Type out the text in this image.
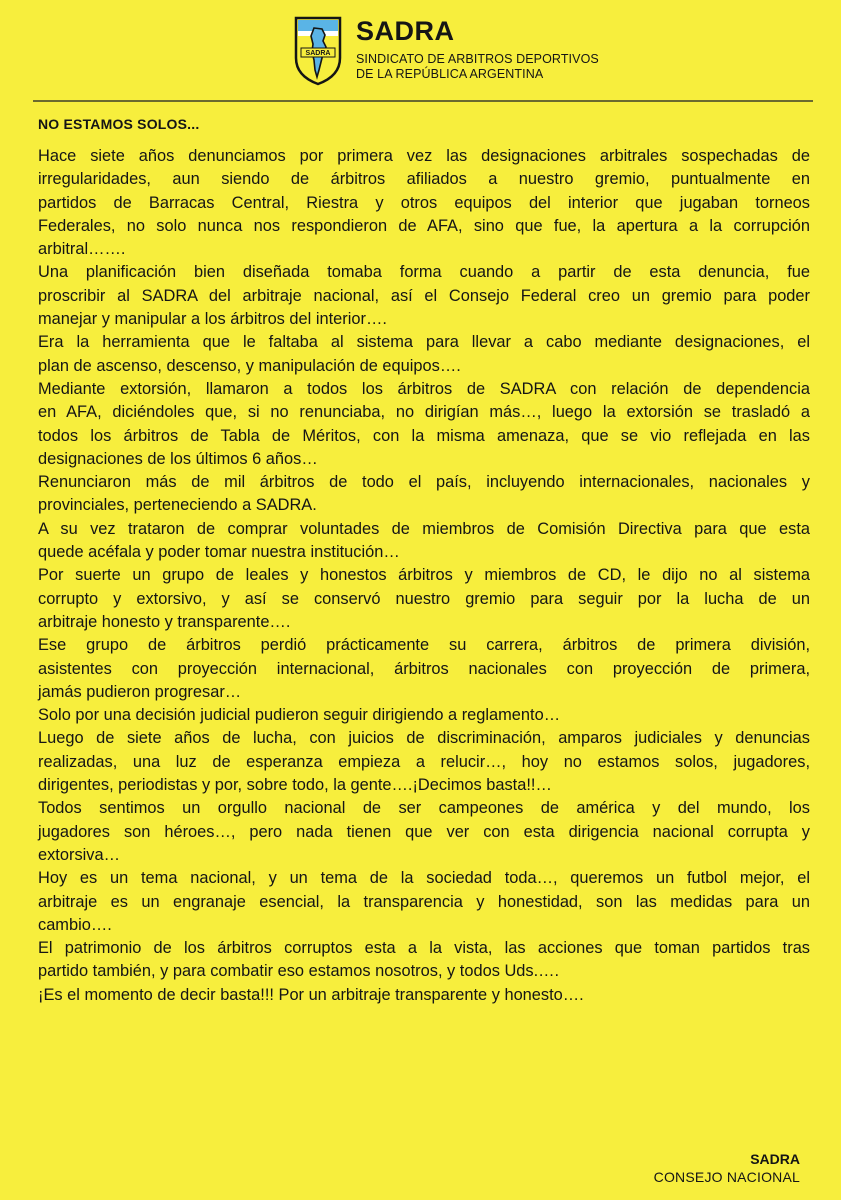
SADRA
SADRA
SINDICATO DE ARBITROS DEPORTIVOS
DE LA REPÚBLICA ARGENTINA
NO ESTAMOS SOLOS...
Hace siete años denunciamos por primera vez las designaciones arbitrales sospechadas de
irregularidades, aun siendo de árbitros afiliados a nuestro gremio, puntualmente en
partidos de Barracas Central, Riestra y otros equipos del interior que jugaban torneos
Federales, no solo nunca nos respondieron de AFA, sino que fue, la apertura a la corrupción
arbitral…….
Una planificación bien diseñada tomaba forma cuando a partir de esta denuncia, fue
proscribir al SADRA del arbitraje nacional, así el Consejo Federal creo un gremio para poder
manejar y manipular a los árbitros del interior….
Era la herramienta que le faltaba al sistema para llevar a cabo mediante designaciones, el
plan de ascenso, descenso, y manipulación de equipos….
Mediante extorsión, llamaron a todos los árbitros de SADRA con relación de dependencia
en AFA, diciéndoles que, si no renunciaba, no dirigían más…, luego la extorsión se trasladó a
todos los árbitros de Tabla de Méritos, con la misma amenaza, que se vio reflejada en las
designaciones de los últimos 6 años…
Renunciaron más de mil árbitros de todo el país, incluyendo internacionales, nacionales y
provinciales, perteneciendo a SADRA.
A su vez trataron de comprar voluntades de miembros de Comisión Directiva para que esta
quede acéfala y poder tomar nuestra institución…
Por suerte un grupo de leales y honestos árbitros y miembros de CD, le dijo no al sistema
corrupto y extorsivo, y así se conservó nuestro gremio para seguir por la lucha de un
arbitraje honesto y transparente….
Ese grupo de árbitros perdió prácticamente su carrera, árbitros de primera división,
asistentes con proyección internacional, árbitros nacionales con proyección de primera,
jamás pudieron progresar…
Solo por una decisión judicial pudieron seguir dirigiendo a reglamento…
Luego de siete años de lucha, con juicios de discriminación, amparos judiciales y denuncias
realizadas, una luz de esperanza empieza a relucir…, hoy no estamos solos, jugadores,
dirigentes, periodistas y por, sobre todo, la gente….¡Decimos basta!!…
Todos sentimos un orgullo nacional de ser campeones de américa y del mundo, los
jugadores son héroes…, pero nada tienen que ver con esta dirigencia nacional corrupta y
extorsiva…
Hoy es un tema nacional, y un tema de la sociedad toda…, queremos un futbol mejor, el
arbitraje es un engranaje esencial, la transparencia y honestidad, son las medidas para un
cambio….
El patrimonio de los árbitros corruptos esta a la vista, las acciones que toman partidos tras
partido también, y para combatir eso estamos nosotros, y todos Uds.….
¡Es el momento de decir basta!!! Por un arbitraje transparente y honesto….
SADRA
CONSEJO NACIONAL
